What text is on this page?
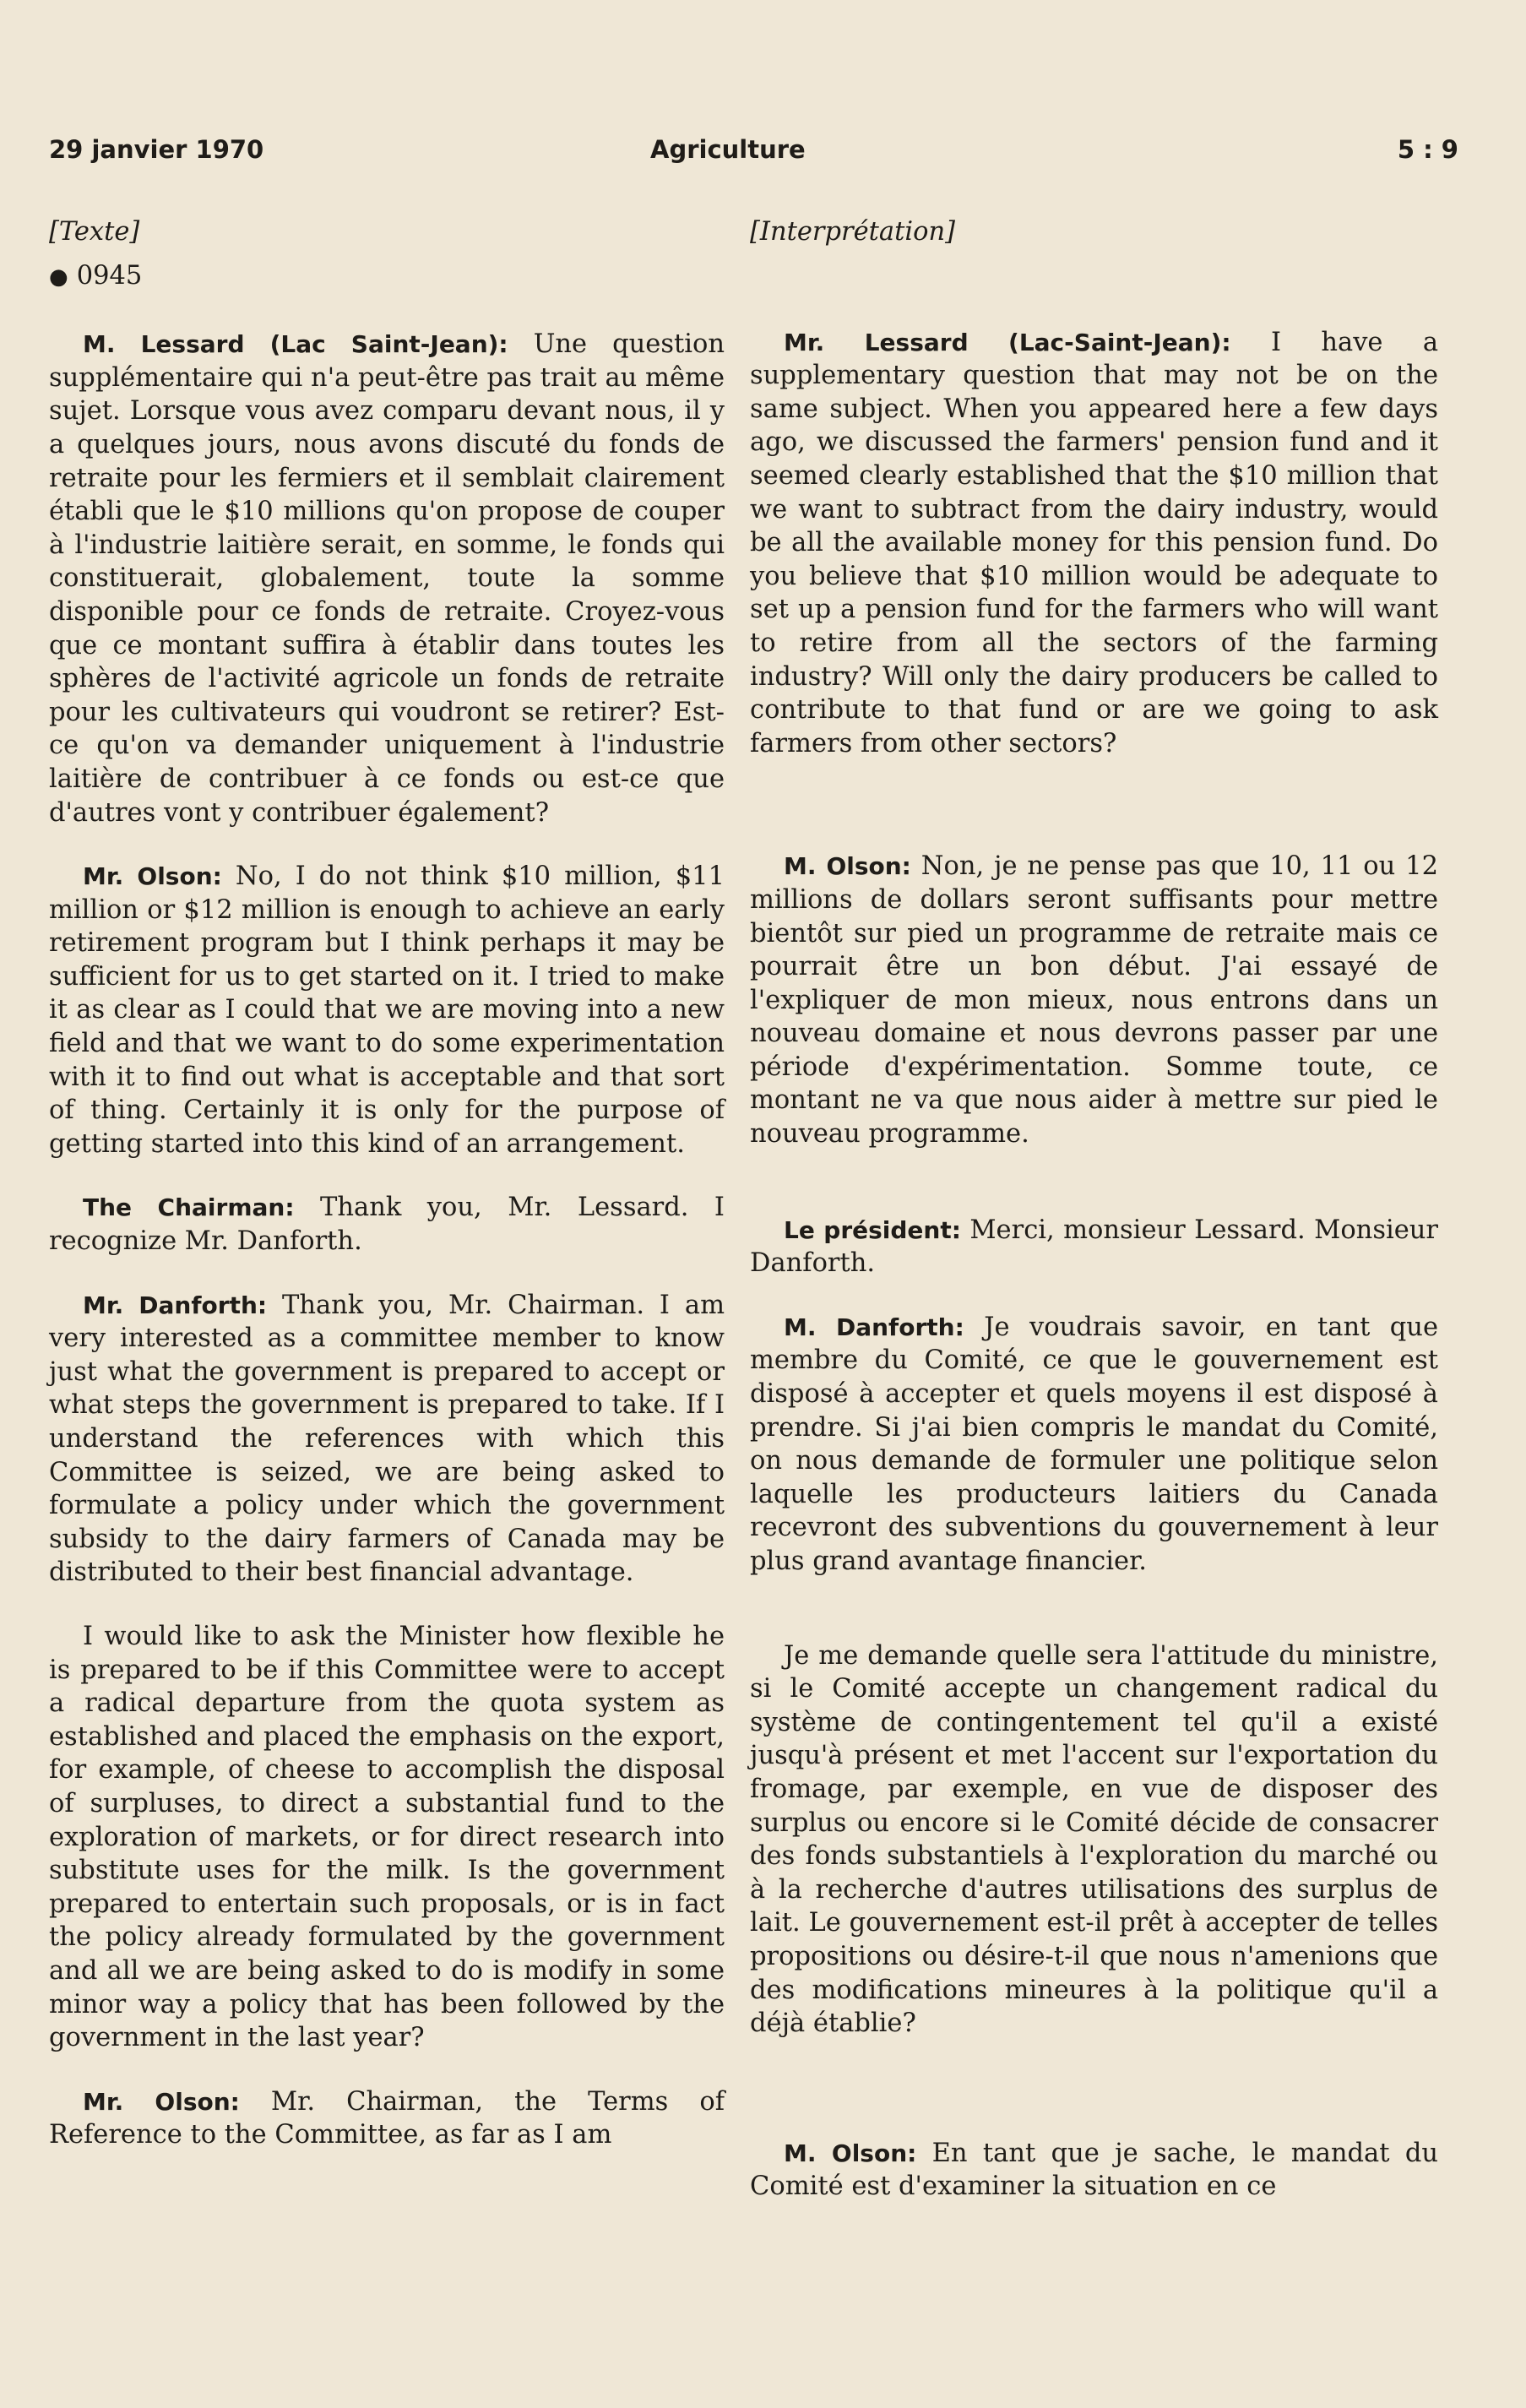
29 janvier 1970	Agriculture	5 : 9
[Texte]
● 0945

M. Lessard (Lac Saint-Jean): Une question supplémentaire qui n'a peut-être pas trait au même sujet. Lorsque vous avez comparu devant nous, il y a quelques jours, nous avons discuté du fonds de retraite pour les fermiers et il semblait clairement établi que le $10 millions qu'on propose de couper à l'industrie laitière serait, en somme, le fonds qui constituerait, globalement, toute la somme disponible pour ce fonds de retraite. Croyez-vous que ce montant suffira à établir dans toutes les sphères de l'activité agricole un fonds de retraite pour les cultivateurs qui voudront se retirer? Est-ce qu'on va demander uniquement à l'industrie laitière de contribuer à ce fonds ou est-ce que d'autres vont y contribuer également?

Mr. Olson: No, I do not think $10 million, $11 million or $12 million is enough to achieve an early retirement program but I think perhaps it may be sufficient for us to get started on it. I tried to make it as clear as I could that we are moving into a new field and that we want to do some experimentation with it to find out what is acceptable and that sort of thing. Certainly it is only for the purpose of getting started into this kind of an arrangement.

The Chairman: Thank you, Mr. Lessard. I recognize Mr. Danforth.

Mr. Danforth: Thank you, Mr. Chairman. I am very interested as a committee member to know just what the government is prepared to accept or what steps the government is prepared to take. If I understand the references with which this Committee is seized, we are being asked to formulate a policy under which the government subsidy to the dairy farmers of Canada may be distributed to their best financial advantage.

I would like to ask the Minister how flexible he is prepared to be if this Committee were to accept a radical departure from the quota system as established and placed the emphasis on the export, for example, of cheese to accomplish the disposal of surpluses, to direct a substantial fund to the exploration of markets, or for direct research into substitute uses for the milk. Is the government prepared to entertain such proposals, or is in fact the policy already formulated by the government and all we are being asked to do is modify in some minor way a policy that has been followed by the government in the last year?

Mr. Olson: Mr. Chairman, the Terms of Reference to the Committee, as far as I am

[Interprétation]

Mr. Lessard (Lac-Saint-Jean): I have a supplementary question that may not be on the same subject. When you appeared here a few days ago, we discussed the farmers' pension fund and it seemed clearly established that the $10 million that we want to subtract from the dairy industry, would be all the available money for this pension fund. Do you believe that $10 million would be adequate to set up a pension fund for the farmers who will want to retire from all the sectors of the farming industry? Will only the dairy producers be called to contribute to that fund or are we going to ask farmers from other sectors?

M. Olson: Non, je ne pense pas que 10, 11 ou 12 millions de dollars seront suffisants pour mettre bientôt sur pied un programme de retraite mais ce pourrait être un bon début. J'ai essayé de l'expliquer de mon mieux, nous entrons dans un nouveau domaine et nous devrons passer par une période d'expérimentation. Somme toute, ce montant ne va que nous aider à mettre sur pied le nouveau programme.

Le président: Merci, monsieur Lessard. Monsieur Danforth.

M. Danforth: Je voudrais savoir, en tant que membre du Comité, ce que le gouvernement est disposé à accepter et quels moyens il est disposé à prendre. Si j'ai bien compris le mandat du Comité, on nous demande de formuler une politique selon laquelle les producteurs laitiers du Canada recevront des subventions du gouvernement à leur plus grand avantage financier.

Je me demande quelle sera l'attitude du ministre, si le Comité accepte un changement radical du système de contingentement tel qu'il a existé jusqu'à présent et met l'accent sur l'exportation du fromage, par exemple, en vue de disposer des surplus ou encore si le Comité décide de consacrer des fonds substantiels à l'exploration du marché ou à la recherche d'autres utilisations des surplus de lait. Le gouvernement est-il prêt à accepter de telles propositions ou désire-t-il que nous n'amenions que des modifications mineures à la politique qu'il a déjà établie?

M. Olson: En tant que je sache, le mandat du Comité est d'examiner la situation en ce
